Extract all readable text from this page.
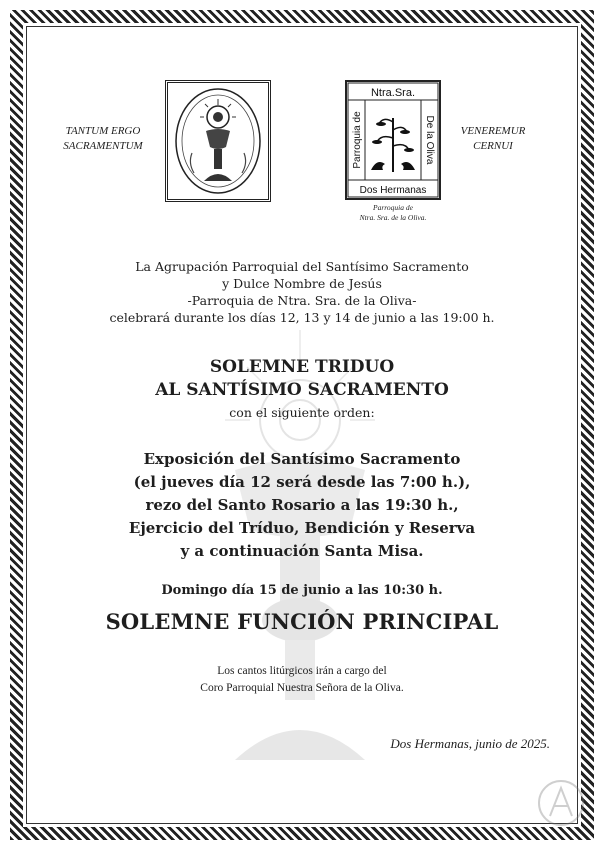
TANTUM ERGO
SACRAMENTUM
Ntra.Sra.
Dos Hermanas
Parroquia de	De la Oliva
Parroquia de
Ntra. Sra. de la Oliva.
VENEREMUR
CERNUI
La Agrupación Parroquial del Santísimo Sacramento
y Dulce Nombre de Jesús
-Parroquia de Ntra. Sra. de la Oliva-
celebrará durante los días 12, 13 y 14 de junio a las 19:00 h.
SOLEMNE TRIDUO
AL SANTÍSIMO SACRAMENTO
con el siguiente orden:
Exposición del Santísimo Sacramento
(el jueves día 12 será desde las 7:00 h.),
rezo del Santo Rosario a las 19:30 h.,
Ejercicio del Tríduo, Bendición y Reserva
y a continuación Santa Misa.
Domingo día 15 de junio a las 10:30 h.
SOLEMNE FUNCIÓN PRINCIPAL
Los cantos litúrgicos irán a cargo del
Coro Parroquial Nuestra Señora de la Oliva.
Dos Hermanas, junio de 2025.
